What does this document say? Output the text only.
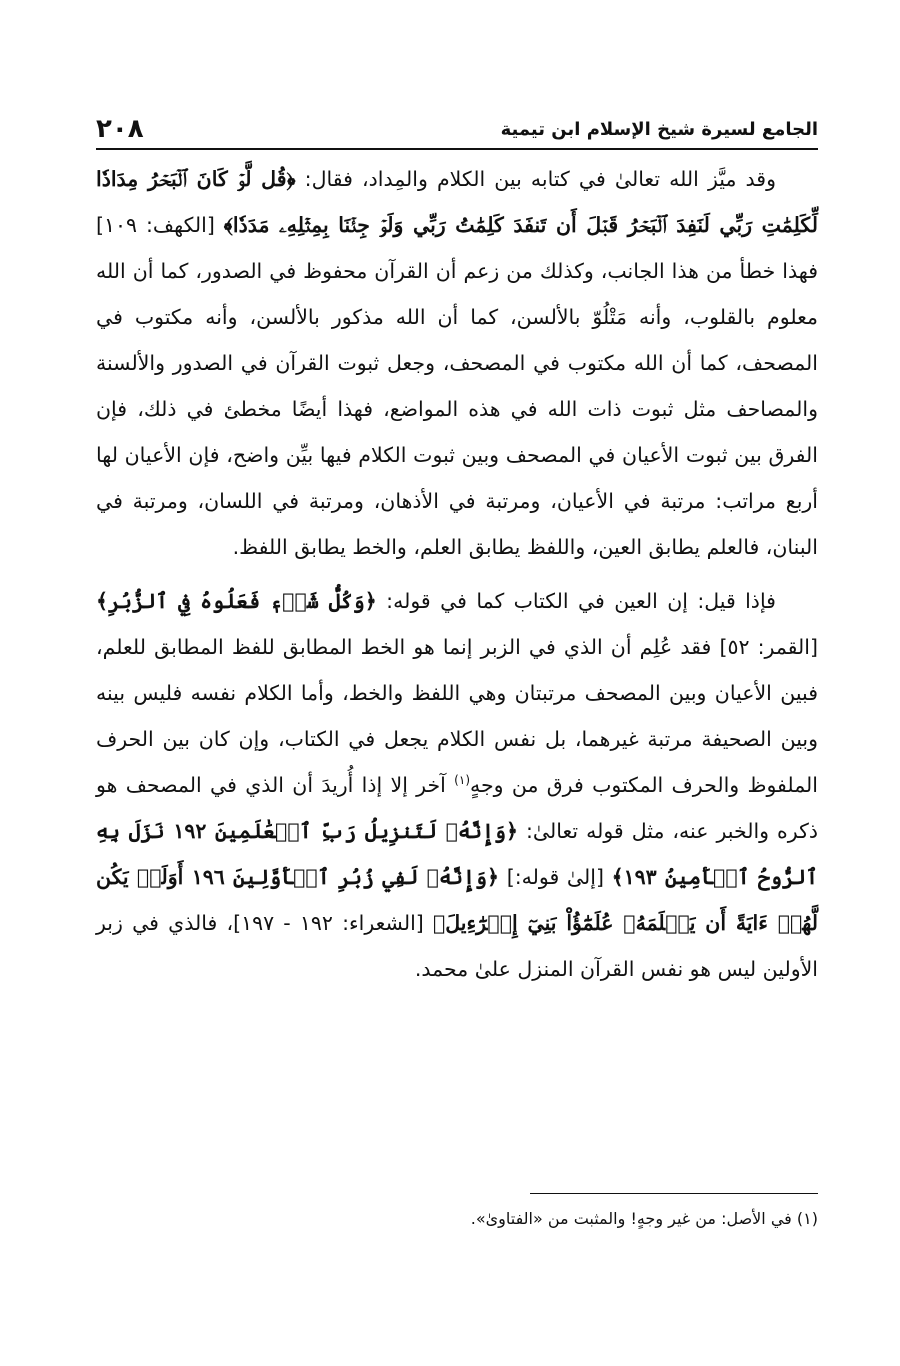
الجامع لسيرة شيخ الإسلام ابن تيمية
٢٠٨

وقد ميَّز الله تعالىٰ في كتابه بين الكلام والمِداد، فقال: ﴿قُل لَّوۡ كَانَ ٱلۡبَحۡرُ مِدَادٗا لِّكَلِمَٰتِ رَبِّي لَنَفِدَ ٱلۡبَحۡرُ قَبۡلَ أَن تَنفَدَ كَلِمَٰتُ رَبِّي وَلَوۡ جِئۡنَا بِمِثۡلِهِۦ مَدَدٗا﴾ [الكهف: ١٠٩] فهذا خطأ من هذا الجانب، وكذلك من زعم أن القرآن محفوظ في الصدور، كما أن الله معلوم بالقلوب، وأنه مَتْلُوّ بالألسن، كما أن الله مذكور بالألسن، وأنه مكتوب في المصحف، كما أن الله مكتوب في المصحف، وجعل ثبوت القرآن في الصدور والألسنة والمصاحف مثل ثبوت ذات الله في هذه المواضع، فهذا أيضًا مخطئ في ذلك، فإن الفرق بين ثبوت الأعيان في المصحف وبين ثبوت الكلام فيها بيِّن واضح، فإن الأعيان لها أربع مراتب: مرتبة في الأعيان، ومرتبة في الأذهان، ومرتبة في اللسان، ومرتبة في البنان، فالعلم يطابق العين، واللفظ يطابق العلم، والخط يطابق اللفظ.

فإذا قيل: إن العين في الكتاب كما في قوله: ﴿وَكُلُّ شَيۡءٖ فَعَلُوهُ فِي ٱلزُّبُرِ﴾ [القمر: ٥٢] فقد عُلِم أن الذي في الزبر إنما هو الخط المطابق للفظ المطابق للعلم، فبين الأعيان وبين المصحف مرتبتان وهي اللفظ والخط، وأما الكلام نفسه فليس بينه وبين الصحيفة مرتبة غيرهما، بل نفس الكلام يجعل في الكتاب، وإن كان بين الحرف الملفوظ والحرف المكتوب فرق من وجهٍ$^{(١)}$ آخر إلا إذا أُريدَ أن الذي في المصحف هو ذكره والخبر عنه، مثل قوله تعالىٰ: ﴿وَإِنَّهُۥ لَتَنزِيلُ رَبِّ ٱلۡعَٰلَمِينَ ١٩٢ نَزَلَ بِهِ ٱلرُّوحُ ٱلۡأَمِينُ ١٩٣﴾ [إلىٰ قوله:] ﴿وَإِنَّهُۥ لَفِي زُبُرِ ٱلۡأَوَّلِينَ ١٩٦ أَوَلَمۡ يَكُن لَّهُمۡ ءَايَةً أَن يَعۡلَمَهُۥ عُلَمَٰٓؤُاْ بَنِيٓ إِسۡرَٰٓءِيلَ﴾ [الشعراء: ١٩٢ - ١٩٧]، فالذي في زبر الأولين ليس هو نفس القرآن المنزل علىٰ محمد.

(١) في الأصل: من غير وجهٍ! والمثبت من «الفتاوىٰ».
